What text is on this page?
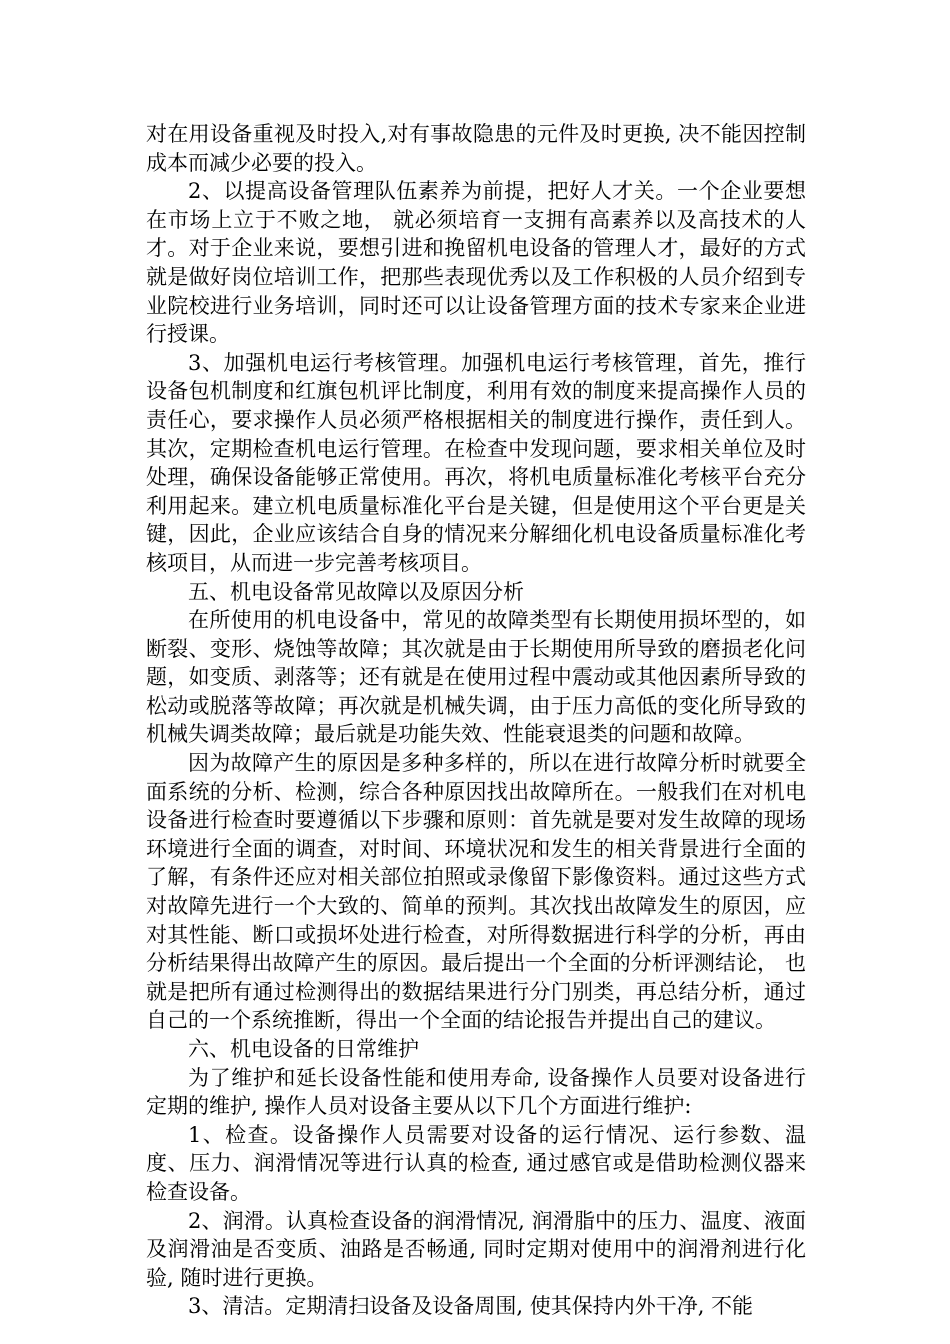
对在用设备重视及时投入,对有事故隐患的元件及时更换, 决不能因控制成本而减少必要的投入。

2、以提高设备管理队伍素养为前提，把好人才关。一个企业要想在市场上立于不败之地， 就必须培育一支拥有高素养以及高技术的人才。对于企业来说，要想引进和挽留机电设备的管理人才，最好的方式就是做好岗位培训工作，把那些表现优秀以及工作积极的人员介绍到专业院校进行业务培训，同时还可以让设备管理方面的技术专家来企业进行授课。

3、加强机电运行考核管理。加强机电运行考核管理，首先，推行设备包机制度和红旗包机评比制度，利用有效的制度来提高操作人员的责任心，要求操作人员必须严格根据相关的制度进行操作，责任到人。其次，定期检查机电运行管理。在检查中发现问题，要求相关单位及时处理，确保设备能够正常使用。再次，将机电质量标准化考核平台充分利用起来。建立机电质量标准化平台是关键，但是使用这个平台更是关键，因此，企业应该结合自身的情况来分解细化机电设备质量标准化考核项目，从而进一步完善考核项目。

五、机电设备常见故障以及原因分析

在所使用的机电设备中，常见的故障类型有长期使用损坏型的，如断裂、变形、烧蚀等故障；其次就是由于长期使用所导致的磨损老化问题，如变质、剥落等；还有就是在使用过程中震动或其他因素所导致的松动或脱落等故障；再次就是机械失调，由于压力高低的变化所导致的机械失调类故障；最后就是功能失效、性能衰退类的问题和故障。

因为故障产生的原因是多种多样的，所以在进行故障分析时就要全面系统的分析、检测，综合各种原因找出故障所在。一般我们在对机电设备进行检查时要遵循以下步骤和原则：首先就是要对发生故障的现场环境进行全面的调查，对时间、环境状况和发生的相关背景进行全面的了解，有条件还应对相关部位拍照或录像留下影像资料。通过这些方式对故障先进行一个大致的、简单的预判。其次找出故障发生的原因，应对其性能、断口或损坏处进行检查，对所得数据进行科学的分析，再由分析结果得出故障产生的原因。最后提出一个全面的分析评测结论， 也就是把所有通过检测得出的数据结果进行分门别类，再总结分析，通过自己的一个系统推断，得出一个全面的结论报告并提出自己的建议。

六、机电设备的日常维护

为了维护和延长设备性能和使用寿命, 设备操作人员要对设备进行定期的维护, 操作人员对设备主要从以下几个方面进行维护:

1、检查。设备操作人员需要对设备的运行情况、运行参数、温度、压力、润滑情况等进行认真的检查, 通过感官或是借助检测仪器来检查设备。

2、润滑。认真检查设备的润滑情况, 润滑脂中的压力、温度、液面及润滑油是否变质、油路是否畅通, 同时定期对使用中的润滑剂进行化验, 随时进行更换。

3、清洁。定期清扫设备及设备周围, 使其保持内外干净, 不能
